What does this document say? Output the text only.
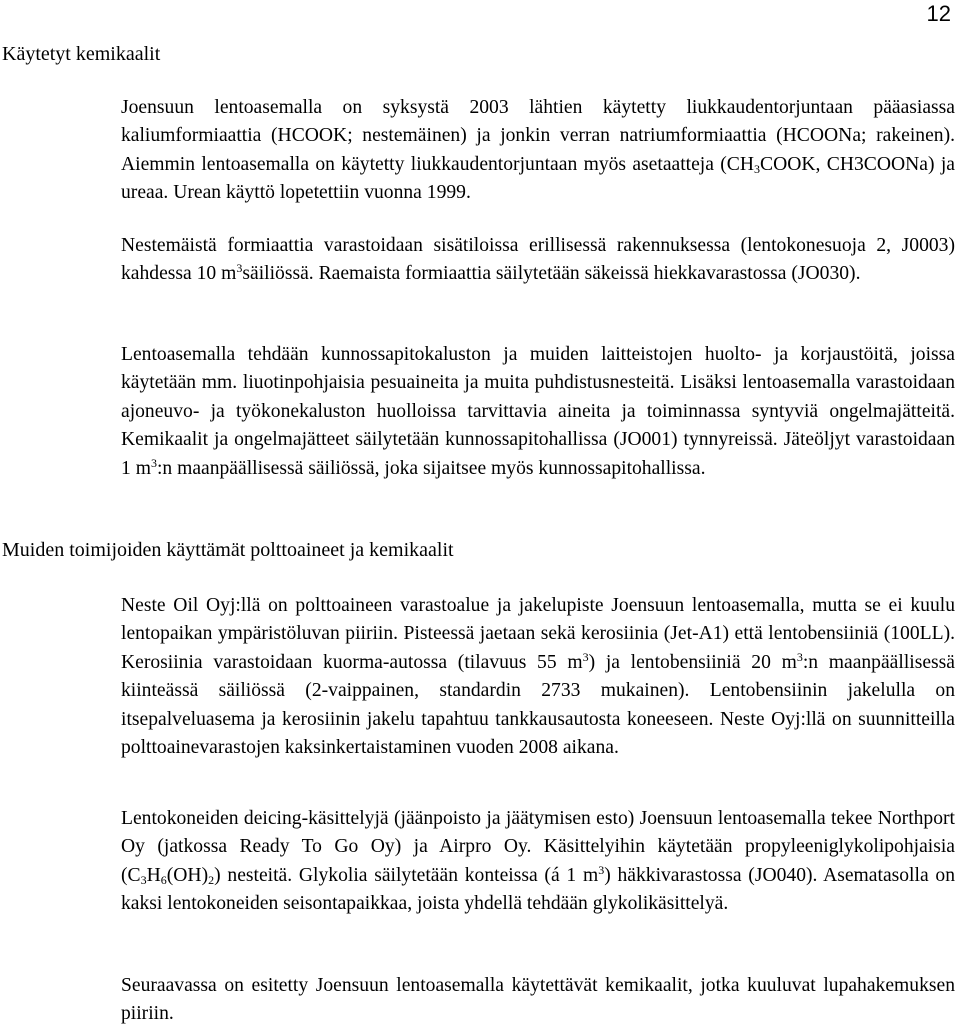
12
Käytetyt kemikaalit

Joensuun lentoasemalla on syksystä 2003 lähtien käytetty liukkaudentorjuntaan pääasiassa kaliumformiaattia (HCOOK; nestemäinen) ja jonkin verran natriumformiaattia (HCOONa; rakeinen). Aiemmin lentoasemalla on käytetty liukkaudentorjuntaan myös asetaatteja ($CH_3COOK$, CH3COONa) ja ureaa. Urean käyttö lopetettiin vuonna 1999.

Nestemäistä formiaattia varastoidaan sisätiloissa erillisessä rakennuksessa (lentokonesuoja 2, J0003) kahdessa 10 $m^3säiliössä$. Raemaista formiaattia säilytetään säkeissä hiekkavarastossa (JO030).

Lentoasemalla tehdään kunnossapitokaluston ja muiden laitteistojen huolto- ja korjaustöitä, joissa käytetään mm. liuotinpohjaisia pesuaineita ja muita puhdistusnesteitä. Lisäksi lentoasemalla varastoidaan ajoneuvo- ja työkonekaluston huolloissa tarvittavia aineita ja toiminnassa syntyviä ongelmajätteitä. Kemikaalit ja ongelmajätteet säilytetään kunnossapitohallissa (JO001) tynnyreissä. Jäteöljyt varastoidaan 1 $m^3:n$ maanpäällisessä säiliössä, joka sijaitsee myös kunnossapitohallissa.

Muiden toimijoiden käyttämät polttoaineet ja kemikaalit

Neste Oil Oyj:llä on polttoaineen varastoalue ja jakelupiste Joensuun lentoasemalla, mutta se ei kuulu lentopaikan ympäristöluvan piiriin. Pisteessä jaetaan sekä kerosiinia (Jet-A1) että lentobensiiniä (100LL). Kerosiinia varastoidaan kuorma-autossa (tilavuus 55 $m^3$) ja lentobensiiniä 20 $m^3:n$ maanpäällisessä kiinteässä säiliössä (2-vaippainen, standardin 2733 mukainen). Lentobensiinin jakelulla on itsepalveluasema ja kerosiinin jakelu tapahtuu tankkausautosta koneeseen. Neste Oyj:llä on suunnitteilla polttoainevarastojen kaksinkertaistaminen vuoden 2008 aikana.

Lentokoneiden deicing-käsittelyjä (jäänpoisto ja jäätymisen esto) Joensuun lentoasemalla tekee Northport Oy (jatkossa Ready To Go Oy) ja Airpro Oy. Käsittelyihin käytetään propyleeniglykolipohjaisia $(C_3H_6(OH)_2)$ nesteitä. Glykolia säilytetään konteissa (á 1 $m^3$) häkkivarastossa (JO040). Asematasolla on kaksi lentokoneiden seisontapaikkaa, joista yhdellä tehdään glykolikäsittelyä.

Seuraavassa on esitetty Joensuun lentoasemalla käytettävät kemikaalit, jotka kuuluvat lupahakemuksen piiriin.
